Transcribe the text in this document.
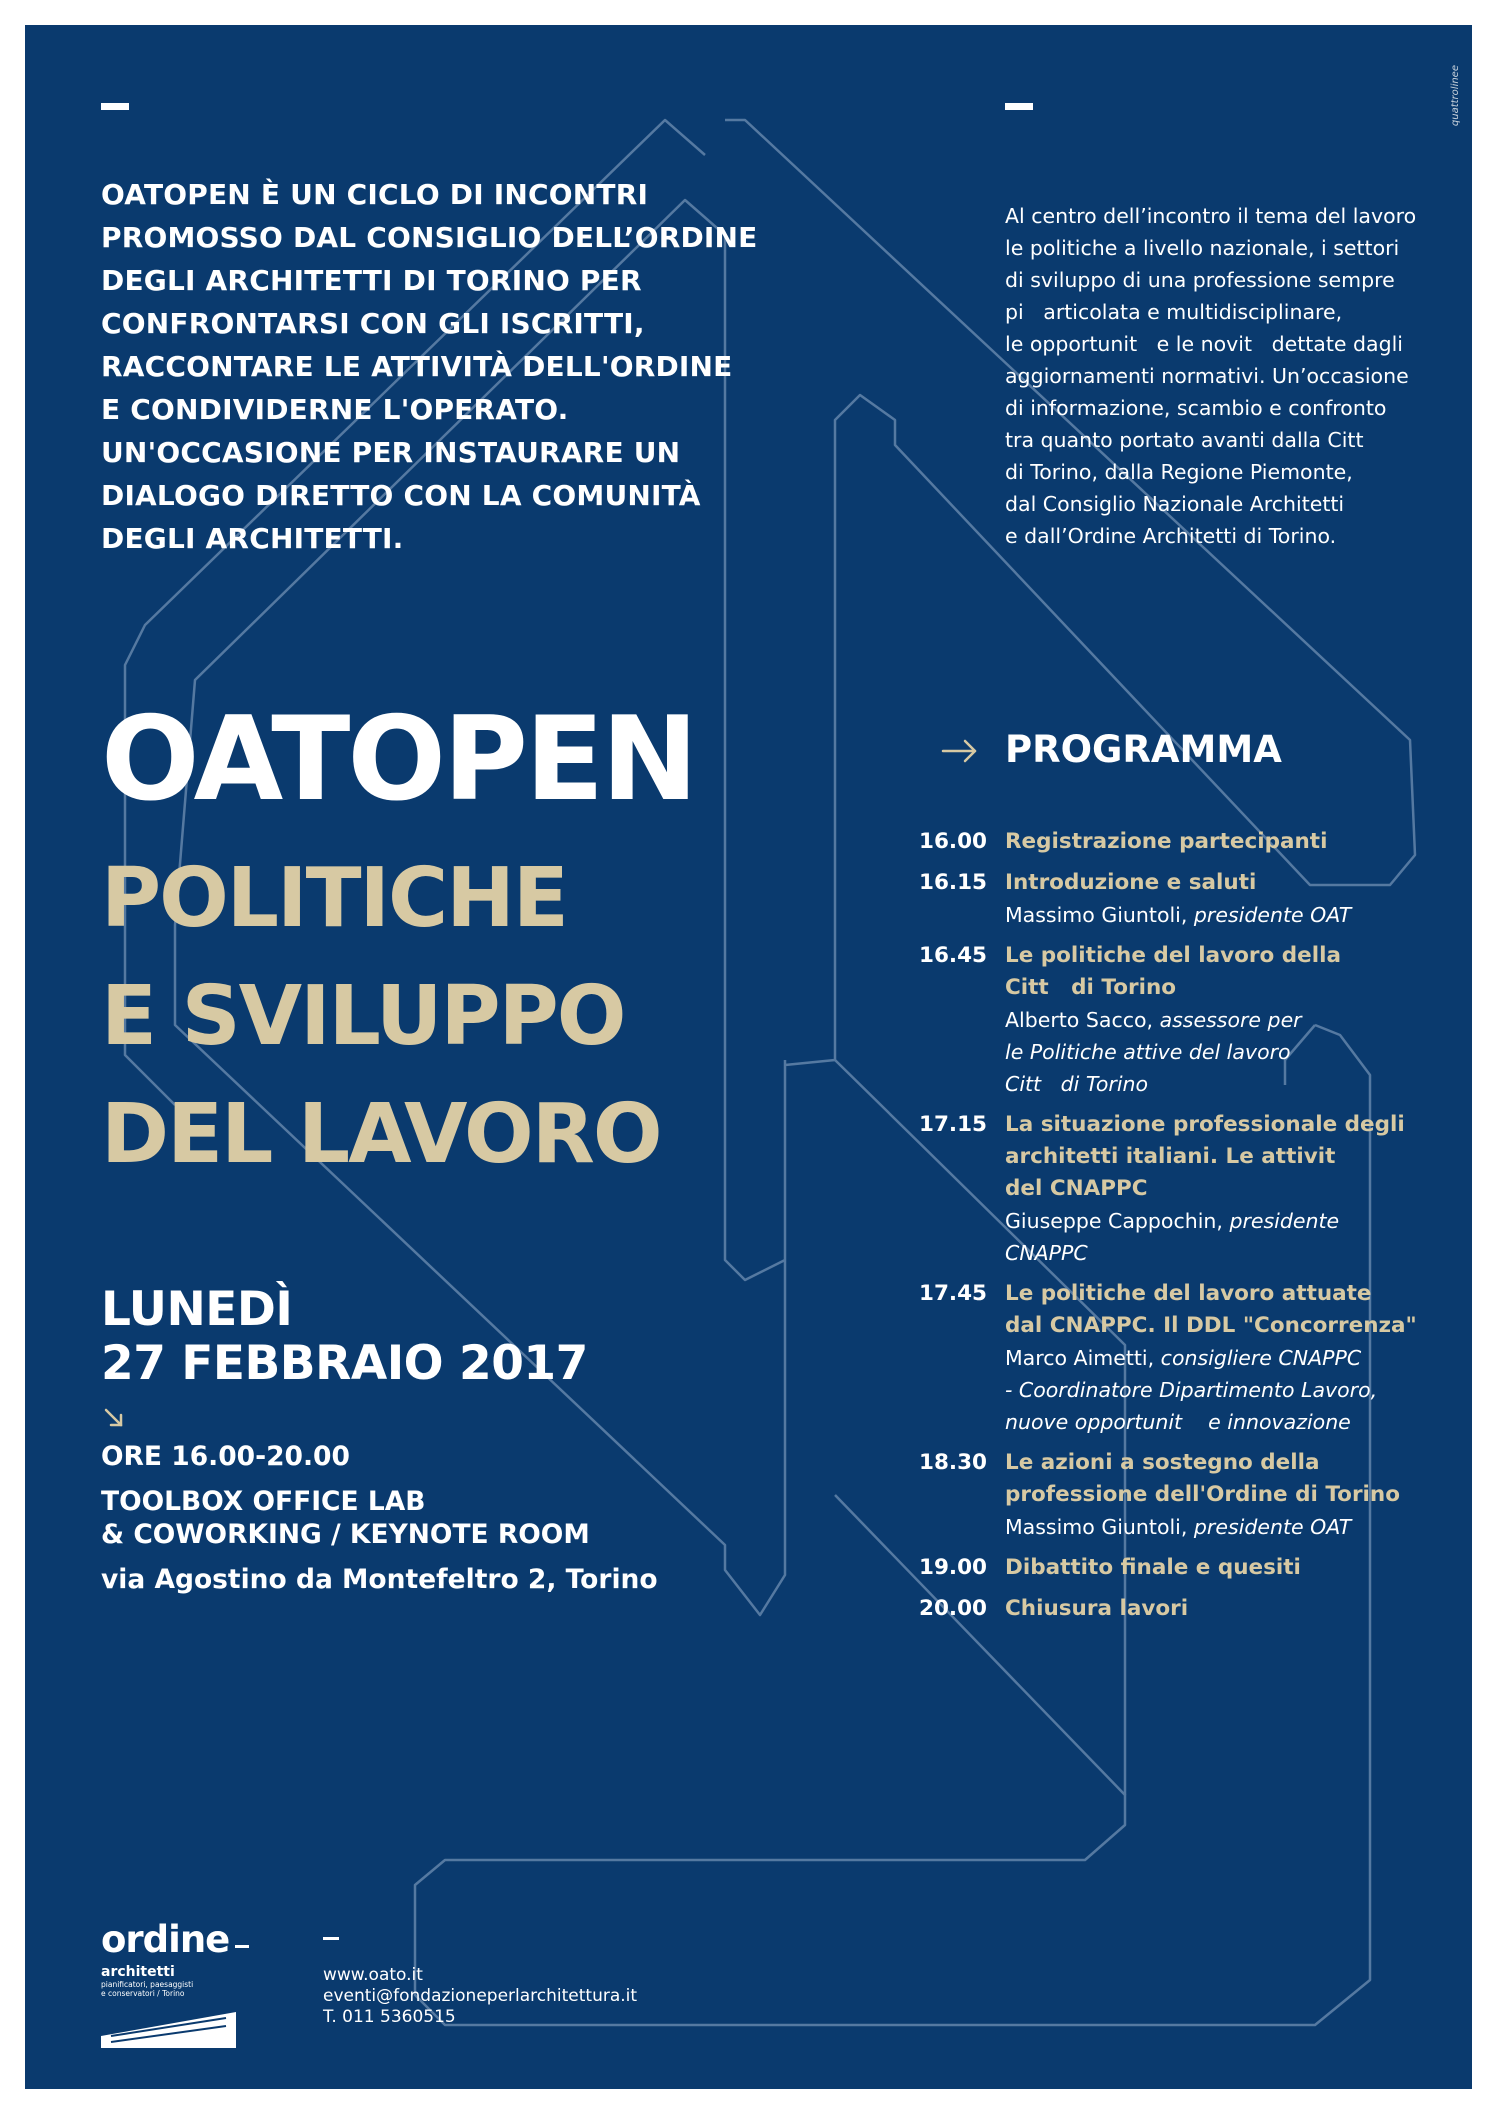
quattrolinee
OATOPEN È UN CICLO DI INCONTRI
PROMOSSO DAL CONSIGLIO DELL’ORDINE
DEGLI ARCHITETTI DI TORINO PER
CONFRONTARSI CON GLI ISCRITTI,
RACCONTARE LE ATTIVITÀ DELL'ORDINE
E CONDIVIDERNE L'OPERATO.
UN'OCCASIONE PER INSTAURARE UN
DIALOGO DIRETTO CON LA COMUNITÀ
DEGLI ARCHITETTI.
Al centro dell’incontro il tema del lavoro
le politiche a livello nazionale, i settori
di sviluppo di una professione sempre
pi   articolata e multidisciplinare,
le opportunit   e le novit   dettate dagli
aggiornamenti normativi. Un’occasione
di informazione, scambio e confronto
tra quanto portato avanti dalla Citt
di Torino, dalla Regione Piemonte,
dal Consiglio Nazionale Architetti
e dall’Ordine Architetti di Torino.
OATOPEN
POLITICHE
E SVILUPPO
DEL LAVORO
LUNEDÌ
27 FEBBRAIO 2017
ORE 16.00-20.00
TOOLBOX OFFICE LAB
& COWORKING / KEYNOTE ROOM
via Agostino da Montefeltro 2, Torino
PROGRAMMA
16.00 Registrazione partecipanti
16.15 Introduzione e saluti
Massimo Giuntoli, presidente OAT
16.45 Le politiche del lavoro della
Citt   di Torino
Alberto Sacco, assessore per
le Politiche attive del lavoro
Citt   di Torino
17.15 La situazione professionale degli
architetti italiani. Le attivit
del CNAPPC
Giuseppe Cappochin, presidente
CNAPPC
17.45 Le politiche del lavoro attuate
dal CNAPPC. Il DDL "Concorrenza"
Marco Aimetti, consigliere CNAPPC
- Coordinatore Dipartimento Lavoro,
nuove opportunit    e innovazione
18.30 Le azioni a sostegno della
professione dell'Ordine di Torino
Massimo Giuntoli, presidente OAT
19.00 Dibattito finale e quesiti
20.00 Chiusura lavori
ordine
architetti
pianificatori, paesaggisti
e conservatori / Torino
www.oato.it
eventi@fondazioneperlarchitettura.it
T. 011 5360515
